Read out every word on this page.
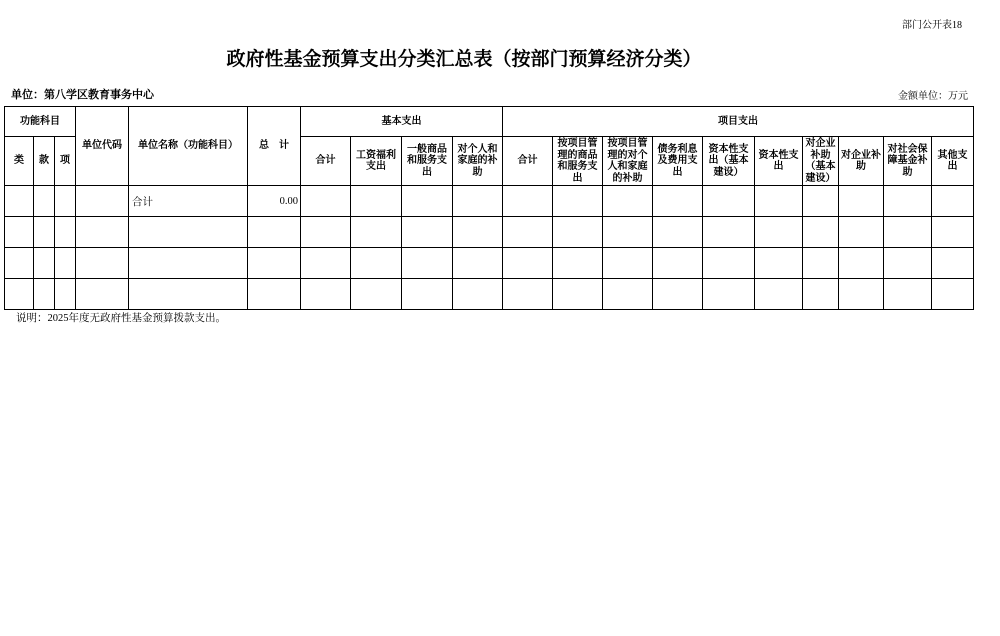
部门公开表18
政府性基金预算支出分类汇总表（按部门预算经济分类）
单位：第八学区教育事务中心	金额单位：万元
功能科目			单位代码	单位名称（功能科目）	总　计	基本支出				项目支出									
类	款	项				合计	工资福利支出	一般商品和服务支出	对个人和家庭的补助	合计	按项目管理的商品和服务支出	按项目管理的对个人和家庭的补助	债务利息及费用支出	资本性支出（基本建设）	资本性支出	对企业补助（基本建设）	对企业补助	对社会保障基金补助	其他支出
				合计	0.00														

说明：2025年度无政府性基金预算拨款支出。
